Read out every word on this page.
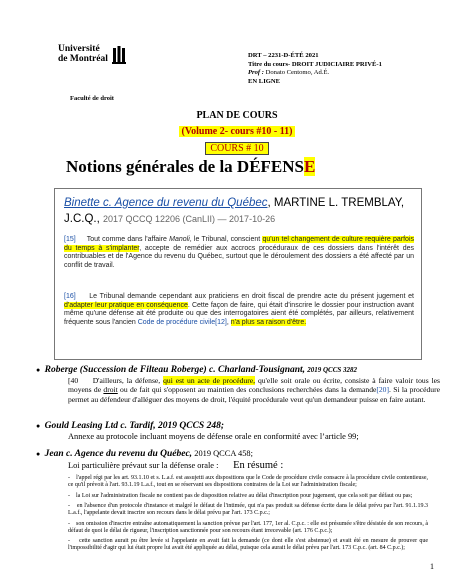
Université
de Montréal
Faculté de droit
DRT – 2231-D-ÉTÉ 2021
Titre du cours- DROIT JUDICIAIRE PRIVÉ-1
Prof : Donato Centomo, Ad.É.
EN LIGNE
PLAN DE COURS
(Volume 2- cours #10 - 11)
COURS # 10
Notions générales de la DÉFENSE
Binette c. Agence du revenu du Québec, MARTINE L. TREMBLAY, J.C.Q., 2017 QCCQ 12206 (CanLII) — 2017-10-26
[15] Tout comme dans l'affaire Manoli, le Tribunal, conscient qu'un tel changement de culture requière parfois du temps à s'implanter, accepte de remédier aux accrocs procéduraux de ces dossiers dans l'intérêt des contribuables et de l'Agence du revenu du Québec, surtout que le déroulement des dossiers a été affecté par un conflit de travail.
[16] Le Tribunal demande cependant aux praticiens en droit fiscal de prendre acte du présent jugement et d'adapter leur pratique en conséquence. Cette façon de faire, qui était d'inscrire le dossier pour instruction avant même qu'une défense ait été produite ou que des interrogatoires aient été complétés, par ailleurs, relativement fréquente sous l'ancien Code de procédure civile[12], n'a plus sa raison d'être.
● Roberge (Succession de Filteau Roberge) c. Charland-Tousignant, 2019 QCCS 3282
[40 D'ailleurs, la défense, qui est un acte de procédure, qu'elle soit orale ou écrite, consiste à faire valoir tous les moyens de droit ou de fait qui s'opposent au maintien des conclusions recherchées dans la demande[20]. Si la procédure permet au défendeur d'alléguer des moyens de droit, l'équité procédurale veut qu'un demandeur puisse en faire autant.
● Gould Leasing Ltd c. Tardif, 2019 QCCS 248;
Annexe au protocole incluant moyens de défense orale en conformité avec l’article 99;
● Jean c. Agence du revenu du Québec, 2019 QCCA 458;
Loi particulière prévaut sur la défense orale : En résumé :

-    l'appel régi par les art. 93.1.10 et s. L.a.f. est assujetti aux dispositions que le Code de procédure civile consacre à la procédure civile contentieuse, ce qu'il prévoit à l'art. 93.1.19 L.a.f., tout en se réservant ses dispositions contraires de la Loi sur l'administration fiscale;

-    la Loi sur l'administration fiscale ne contient pas de disposition relative au délai d'inscription pour jugement, que cela soit par défaut ou pas;

-    en l'absence d'un protocole d'instance et malgré le défaut de l'intimée, qui n'a pas produit sa défense écrite dans le délai prévu par l'art. 91.1.19.3 L.a.f., l'appelante devait inscrire son recours dans le délai prévu par l'art. 173 C.p.c.;

-    son omission d'inscrire entraîne automatiquement la sanction prévue par l'art. 177, 1er al. C.p.c. : elle est présumée s'être désistée de son recours, à défaut de quoi le délai de rigueur, l'inscription sanctionnée pour son recours étant irrecevable (art. 176 C.p.c.);

-    cette sanction aurait pu être levée si l'appelante en avait fait la demande (ce dont elle s'est abstenue) et avait été en mesure de prouver que l'impossibilité d'agir qui lui était propre lui avait été appliquée au délai, puisque cela aurait le délai prévu par l'art. 173 C.p.c. (art. 84 C.p.c.);

1
